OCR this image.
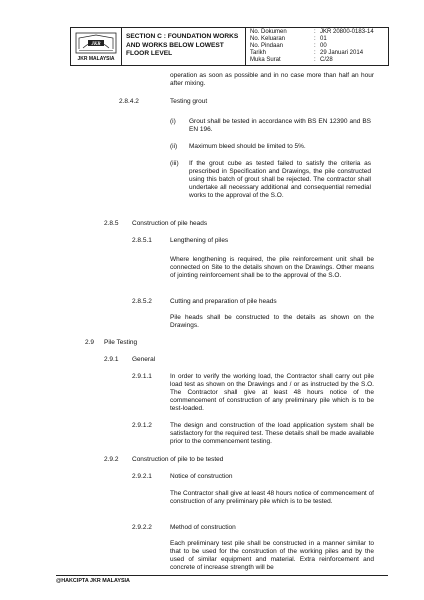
JKR
JKR MALAYSIA
SECTION C : FOUNDATION WORKS AND WORKS BELOW LOWEST FLOOR LEVEL
No. Dokumen	: JKR 20800-0183-14
No. Keluaran	: 01
No. Pindaan	: 00
Tarikh	: 29 Januari 2014
Muka Surat	: C/28
operation as soon as possible and in no case more than half an hour after mixing.
2.8.4.2	Testing grout
(i) Grout shall be tested in accordance with BS EN 12390 and BS EN 196.
(ii) Maximum bleed should be limited to 5%.
(iii) If the grout cube as tested failed to satisfy the criteria as prescribed in Specification and Drawings, the pile constructed using this batch of grout shall be rejected. The contractor shall undertake all necessary additional and consequential remedial works to the approval of the S.O.
2.8.5 Construction of pile heads
2.8.5.1	Lengthening of piles
Where lengthening is required, the pile reinforcement unit shall be connected on Site to the details shown on the Drawings. Other means of jointing reinforcement shall be to the approval of the S.O.
2.8.5.2	Cutting and preparation of pile heads
Pile heads shall be constructed to the details as shown on the Drawings.
2.9 Pile Testing
2.9.1 General
2.9.1.1	In order to verify the working load, the Contractor shall carry out pile load test as shown on the Drawings and / or as instructed by the S.O. The Contractor shall give at least 48 hours notice of the commencement of construction of any preliminary pile which is to be test-loaded.
2.9.1.2	The design and construction of the load application system shall be satisfactory for the required test. These details shall be made available prior to the commencement testing.
2.9.2 Construction of pile to be tested
2.9.2.1	Notice of construction
The Contractor shall give at least 48 hours notice of commencement of construction of any preliminary pile which is to be tested.
2.9.2.2	Method of construction
Each preliminary test pile shall be constructed in a manner similar to that to be used for the construction of the working piles and by the used of similar equipment and material. Extra reinforcement and concrete of increase strength will be
@HAKCIPTA JKR MALAYSIA
